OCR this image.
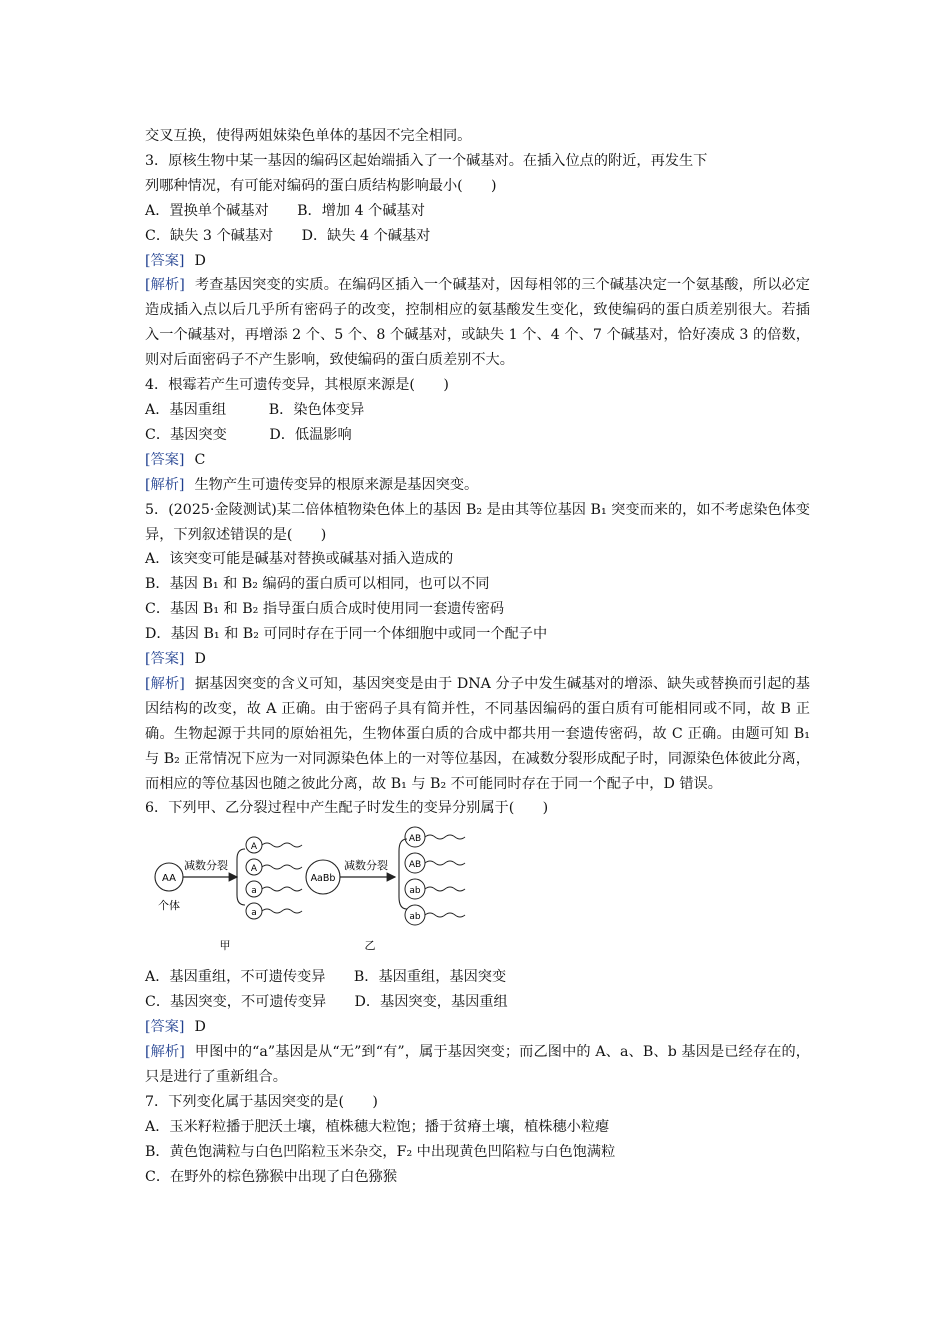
交叉互换，使得两姐妹染色单体的基因不完全相同。
3．原核生物中某一基因的编码区起始端插入了一个碱基对。在插入位点的附近，再发生下
列哪种情况，有可能对编码的蛋白质结构影响最小(　　)
A．置换单个碱基对　　B．增加 4 个碱基对
C．缺失 3 个碱基对　　D．缺失 4 个碱基对
[答案] D
[解析] 考查基因突变的实质。在编码区插入一个碱基对，因每相邻的三个碱基决定一个氨基酸，所以必定造成插入点以后几乎所有密码子的改变，控制相应的氨基酸发生变化，致使编码的蛋白质差别很大。若插入一个碱基对，再增添 2 个、5 个、8 个碱基对，或缺失 1 个、4 个、7 个碱基对，恰好凑成 3 的倍数，则对后面密码子不产生影响，致使编码的蛋白质差别不大。
4．根霉若产生可遗传变异，其根原来源是(　　)
A．基因重组　　　B．染色体变异
C．基因突变　　　D．低温影响
[答案] C
[解析] 生物产生可遗传变异的根原来源是基因突变。
5．(2025·金陵测试)某二倍体植物染色体上的基因 B₂ 是由其等位基因 B₁ 突变而来的，如不考虑染色体变异，下列叙述错误的是(　　)
A．该突变可能是碱基对替换或碱基对插入造成的
B．基因 B₁ 和 B₂ 编码的蛋白质可以相同，也可以不同
C．基因 B₁ 和 B₂ 指导蛋白质合成时使用同一套遗传密码
D．基因 B₁ 和 B₂ 可同时存在于同一个体细胞中或同一个配子中
[答案] D
[解析] 据基因突变的含义可知，基因突变是由于 DNA 分子中发生碱基对的增添、缺失或替换而引起的基因结构的改变，故 A 正确。由于密码子具有简并性，不同基因编码的蛋白质有可能相同或不同，故 B 正确。生物起源于共同的原始祖先，生物体蛋白质的合成中都共用一套遗传密码，故 C 正确。由题可知 B₁ 与 B₂ 正常情况下应为一对同源染色体上的一对等位基因，在减数分裂形成配子时，同源染色体彼此分离，而相应的等位基因也随之彼此分离，故 B₁ 与 B₂ 不可能同时存在于同一个配子中，D 错误。
6．下列甲、乙分裂过程中产生配子时发生的变异分别属于(　　)
AA
个体
减数分裂
A
A
a
a
甲
AaBb
减数分裂
AB
AB
ab
ab
乙
A．基因重组，不可遗传变异　　B．基因重组，基因突变
C．基因突变，不可遗传变异　　D．基因突变，基因重组
[答案] D
[解析] 甲图中的“a”基因是从“无”到“有”，属于基因突变；而乙图中的 A、a、B、b 基因是已经存在的，只是进行了重新组合。
7．下列变化属于基因突变的是(　　)
A．玉米籽粒播于肥沃土壤，植株穗大粒饱；播于贫瘠土壤，植株穗小粒瘪
B．黄色饱满粒与白色凹陷粒玉米杂交，F₂ 中出现黄色凹陷粒与白色饱满粒
C．在野外的棕色猕猴中出现了白色猕猴
